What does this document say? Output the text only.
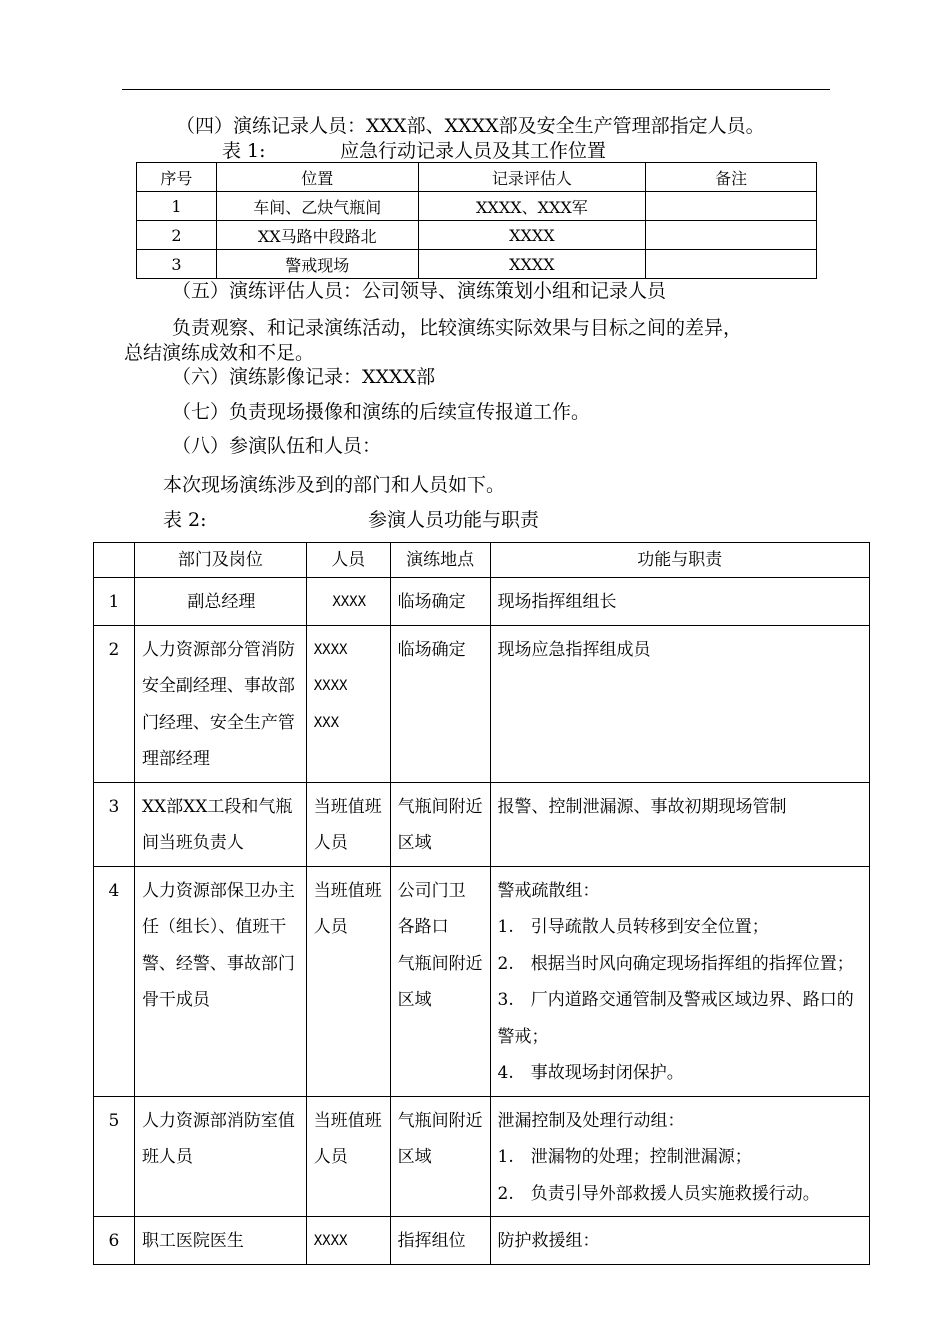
（四）演练记录人员：XXX部、XXXX部及安全生产管理部指定人员。
表 1:	应急行动记录人员及其工作位置
序号	位置	记录评估人	备注
1	车间、乙炔气瓶间	XXXX、XXX军	
2	XX马路中段路北	XXXX	
3	警戒现场	XXXX	
（五）演练评估人员：公司领导、演练策划小组和记录人员
负责观察、和记录演练活动，比较演练实际效果与目标之间的差异，
总结演练成效和不足。
（六）演练影像记录：XXXX部
（七）负责现场摄像和演练的后续宣传报道工作。
（八）参演队伍和人员：
本次现场演练涉及到的部门和人员如下。
表 2:	参演人员功能与职责
	部门及岗位	人员	演练地点	功能与职责
1	副总经理	XXXX	临场确定	现场指挥组组长

2	人力资源部分管消防安全副经理、事故部门经理、安全生产管理部经理	XXXX
XXXX
XXX	临场确定	现场应急指挥组成员

3	XX部XX工段和气瓶间当班负责人	当班值班人员	气瓶间附近区域	报警、控制泄漏源、事故初期现场管制

4	人力资源部保卫办主任（组长）、值班干警、经警、事故部门骨干成员	当班值班人员	公司门卫
各路口
气瓶间附近区域	警戒疏散组：
1.　引导疏散人员转移到安全位置；
2.　根据当时风向确定现场指挥组的指挥位置；
3.　厂内道路交通管制及警戒区域边界、路口的警戒；
4.　事故现场封闭保护。

5	人力资源部消防室值班人员	当班值班人员	气瓶间附近区域	泄漏控制及处理行动组：
1.　泄漏物的处理；控制泄漏源；
2.　负责引导外部救援人员实施救援行动。

6	职工医院医生	XXXX	指挥组位	防护救援组：
